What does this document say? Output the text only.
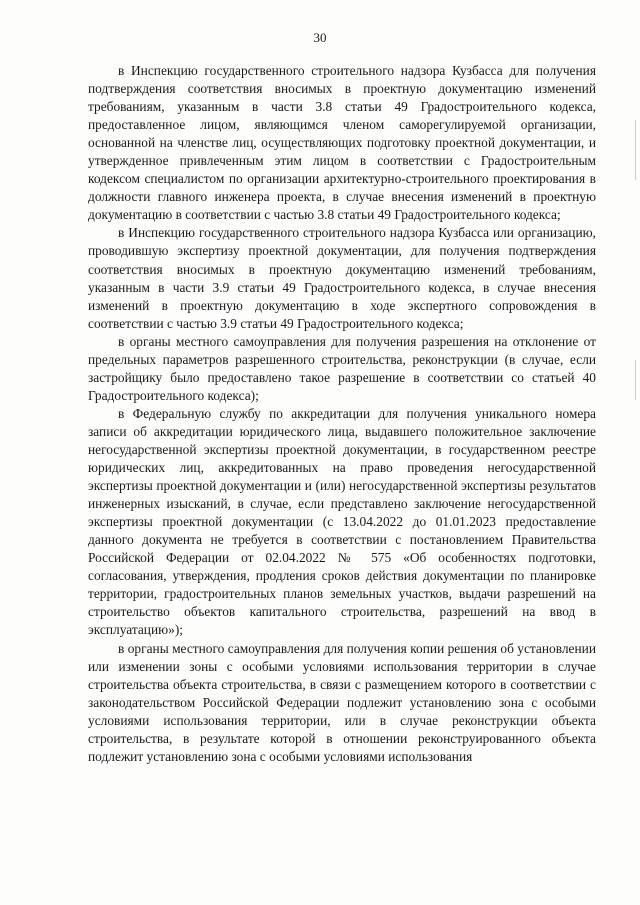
30

в Инспекцию государственного строительного надзора Кузбасса для получения подтверждения соответствия вносимых в проектную документацию изменений требованиям, указанным в части 3.8 статьи 49 Градостроительного кодекса, предоставленное лицом, являющимся членом саморегулируемой организации, основанной на членстве лиц, осуществляющих подготовку проектной документации, и утвержденное привлеченным этим лицом в соответствии с Градостроительным кодексом специалистом по организации архитектурно-строительного проектирования в должности главного инженера проекта, в случае внесения изменений в проектную документацию в соответствии с частью 3.8 статьи 49 Градостроительного кодекса;

в Инспекцию государственного строительного надзора Кузбасса или организацию, проводившую экспертизу проектной документации, для получения подтверждения соответствия вносимых в проектную документацию изменений требованиям, указанным в части 3.9 статьи 49 Градостроительного кодекса, в случае внесения изменений в проектную документацию в ходе экспертного сопровождения в соответствии с частью 3.9 статьи 49 Градостроительного кодекса;

в органы местного самоуправления для получения разрешения на отклонение от предельных параметров разрешенного строительства, реконструкции (в случае, если застройщику было предоставлено такое разрешение в соответствии со статьей 40 Градостроительного кодекса);

в Федеральную службу по аккредитации для получения уникального номера записи об аккредитации юридического лица, выдавшего положительное заключение негосударственной экспертизы проектной документации, в государственном реестре юридических лиц, аккредитованных на право проведения негосударственной экспертизы проектной документации и (или) негосударственной экспертизы результатов инженерных изысканий, в случае, если представлено заключение негосударственной экспертизы проектной документации (с 13.04.2022 до 01.01.2023 предоставление данного документа не требуется в соответствии с постановлением Правительства Российской Федерации от 02.04.2022 № 575 «Об особенностях подготовки, согласования, утверждения, продления сроков действия документации по планировке территории, градостроительных планов земельных участков, выдачи разрешений на строительство объектов капитального строительства, разрешений на ввод в эксплуатацию»);

в органы местного самоуправления для получения копии решения об установлении или изменении зоны с особыми условиями использования территории в случае строительства объекта строительства, в связи с размещением которого в соответствии с законодательством Российской Федерации подлежит установлению зона с особыми условиями использования территории, или в случае реконструкции объекта строительства, в результате которой в отношении реконструированного объекта подлежит установлению зона с особыми условиями использования
